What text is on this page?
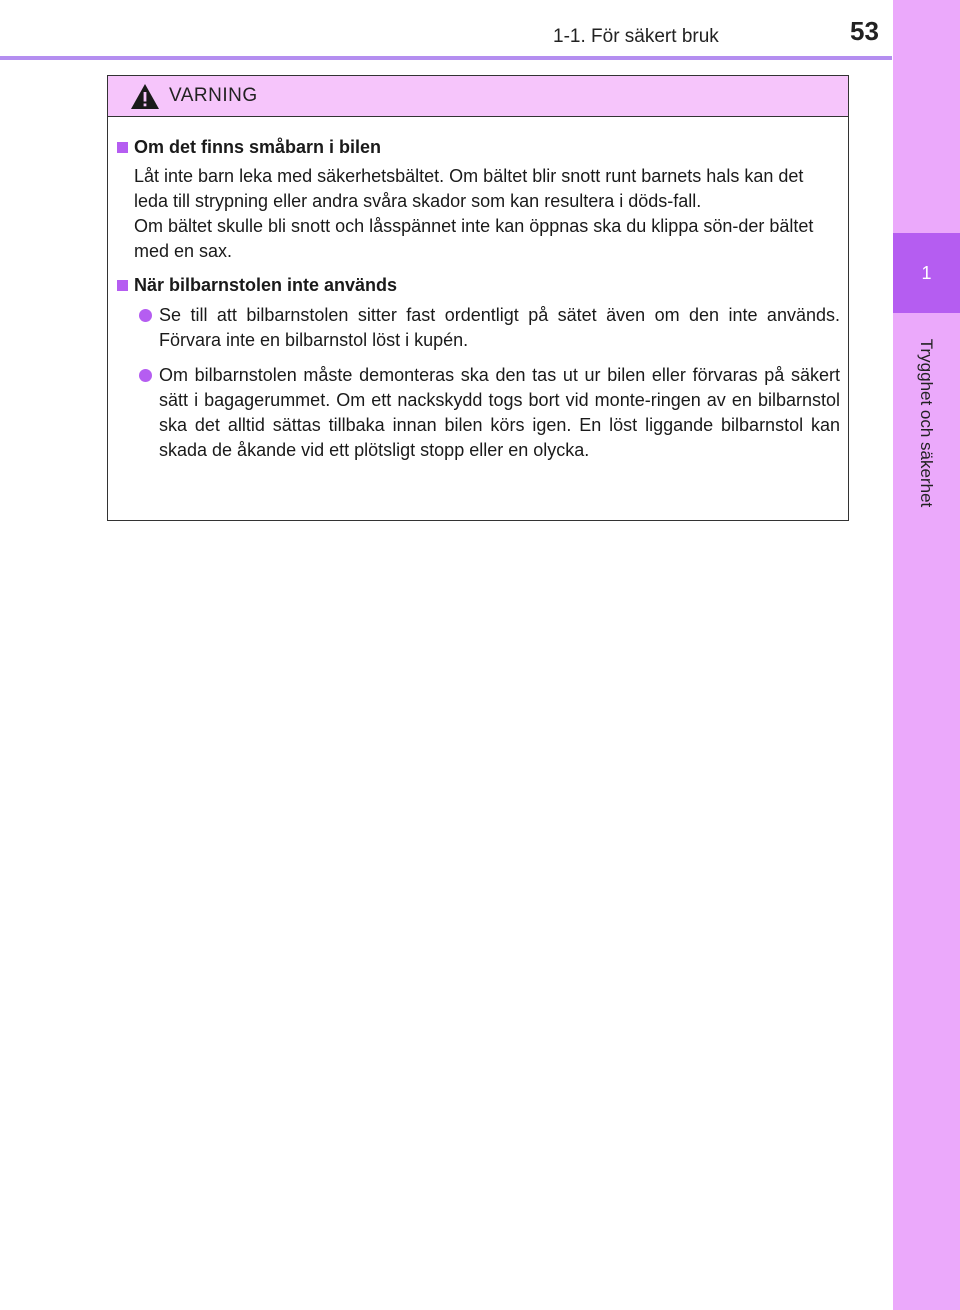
1
Trygghet och säkerhet
1-1. För säkert bruk	53
VARNING
Om det finns småbarn i bilen
Låt inte barn leka med säkerhetsbältet. Om bältet blir snott runt barnets hals kan det leda till strypning eller andra svåra skador som kan resultera i döds-fall.
Om bältet skulle bli snott och låsspännet inte kan öppnas ska du klippa sön-der bältet med en sax.
När bilbarnstolen inte används
Se till att bilbarnstolen sitter fast ordentligt på sätet även om den inte används. Förvara inte en bilbarnstol löst i kupén.
Om bilbarnstolen måste demonteras ska den tas ut ur bilen eller förvaras på säkert sätt i bagagerummet. Om ett nackskydd togs bort vid monte-ringen av en bilbarnstol ska det alltid sättas tillbaka innan bilen körs igen. En löst liggande bilbarnstol kan skada de åkande vid ett plötsligt stopp eller en olycka.
